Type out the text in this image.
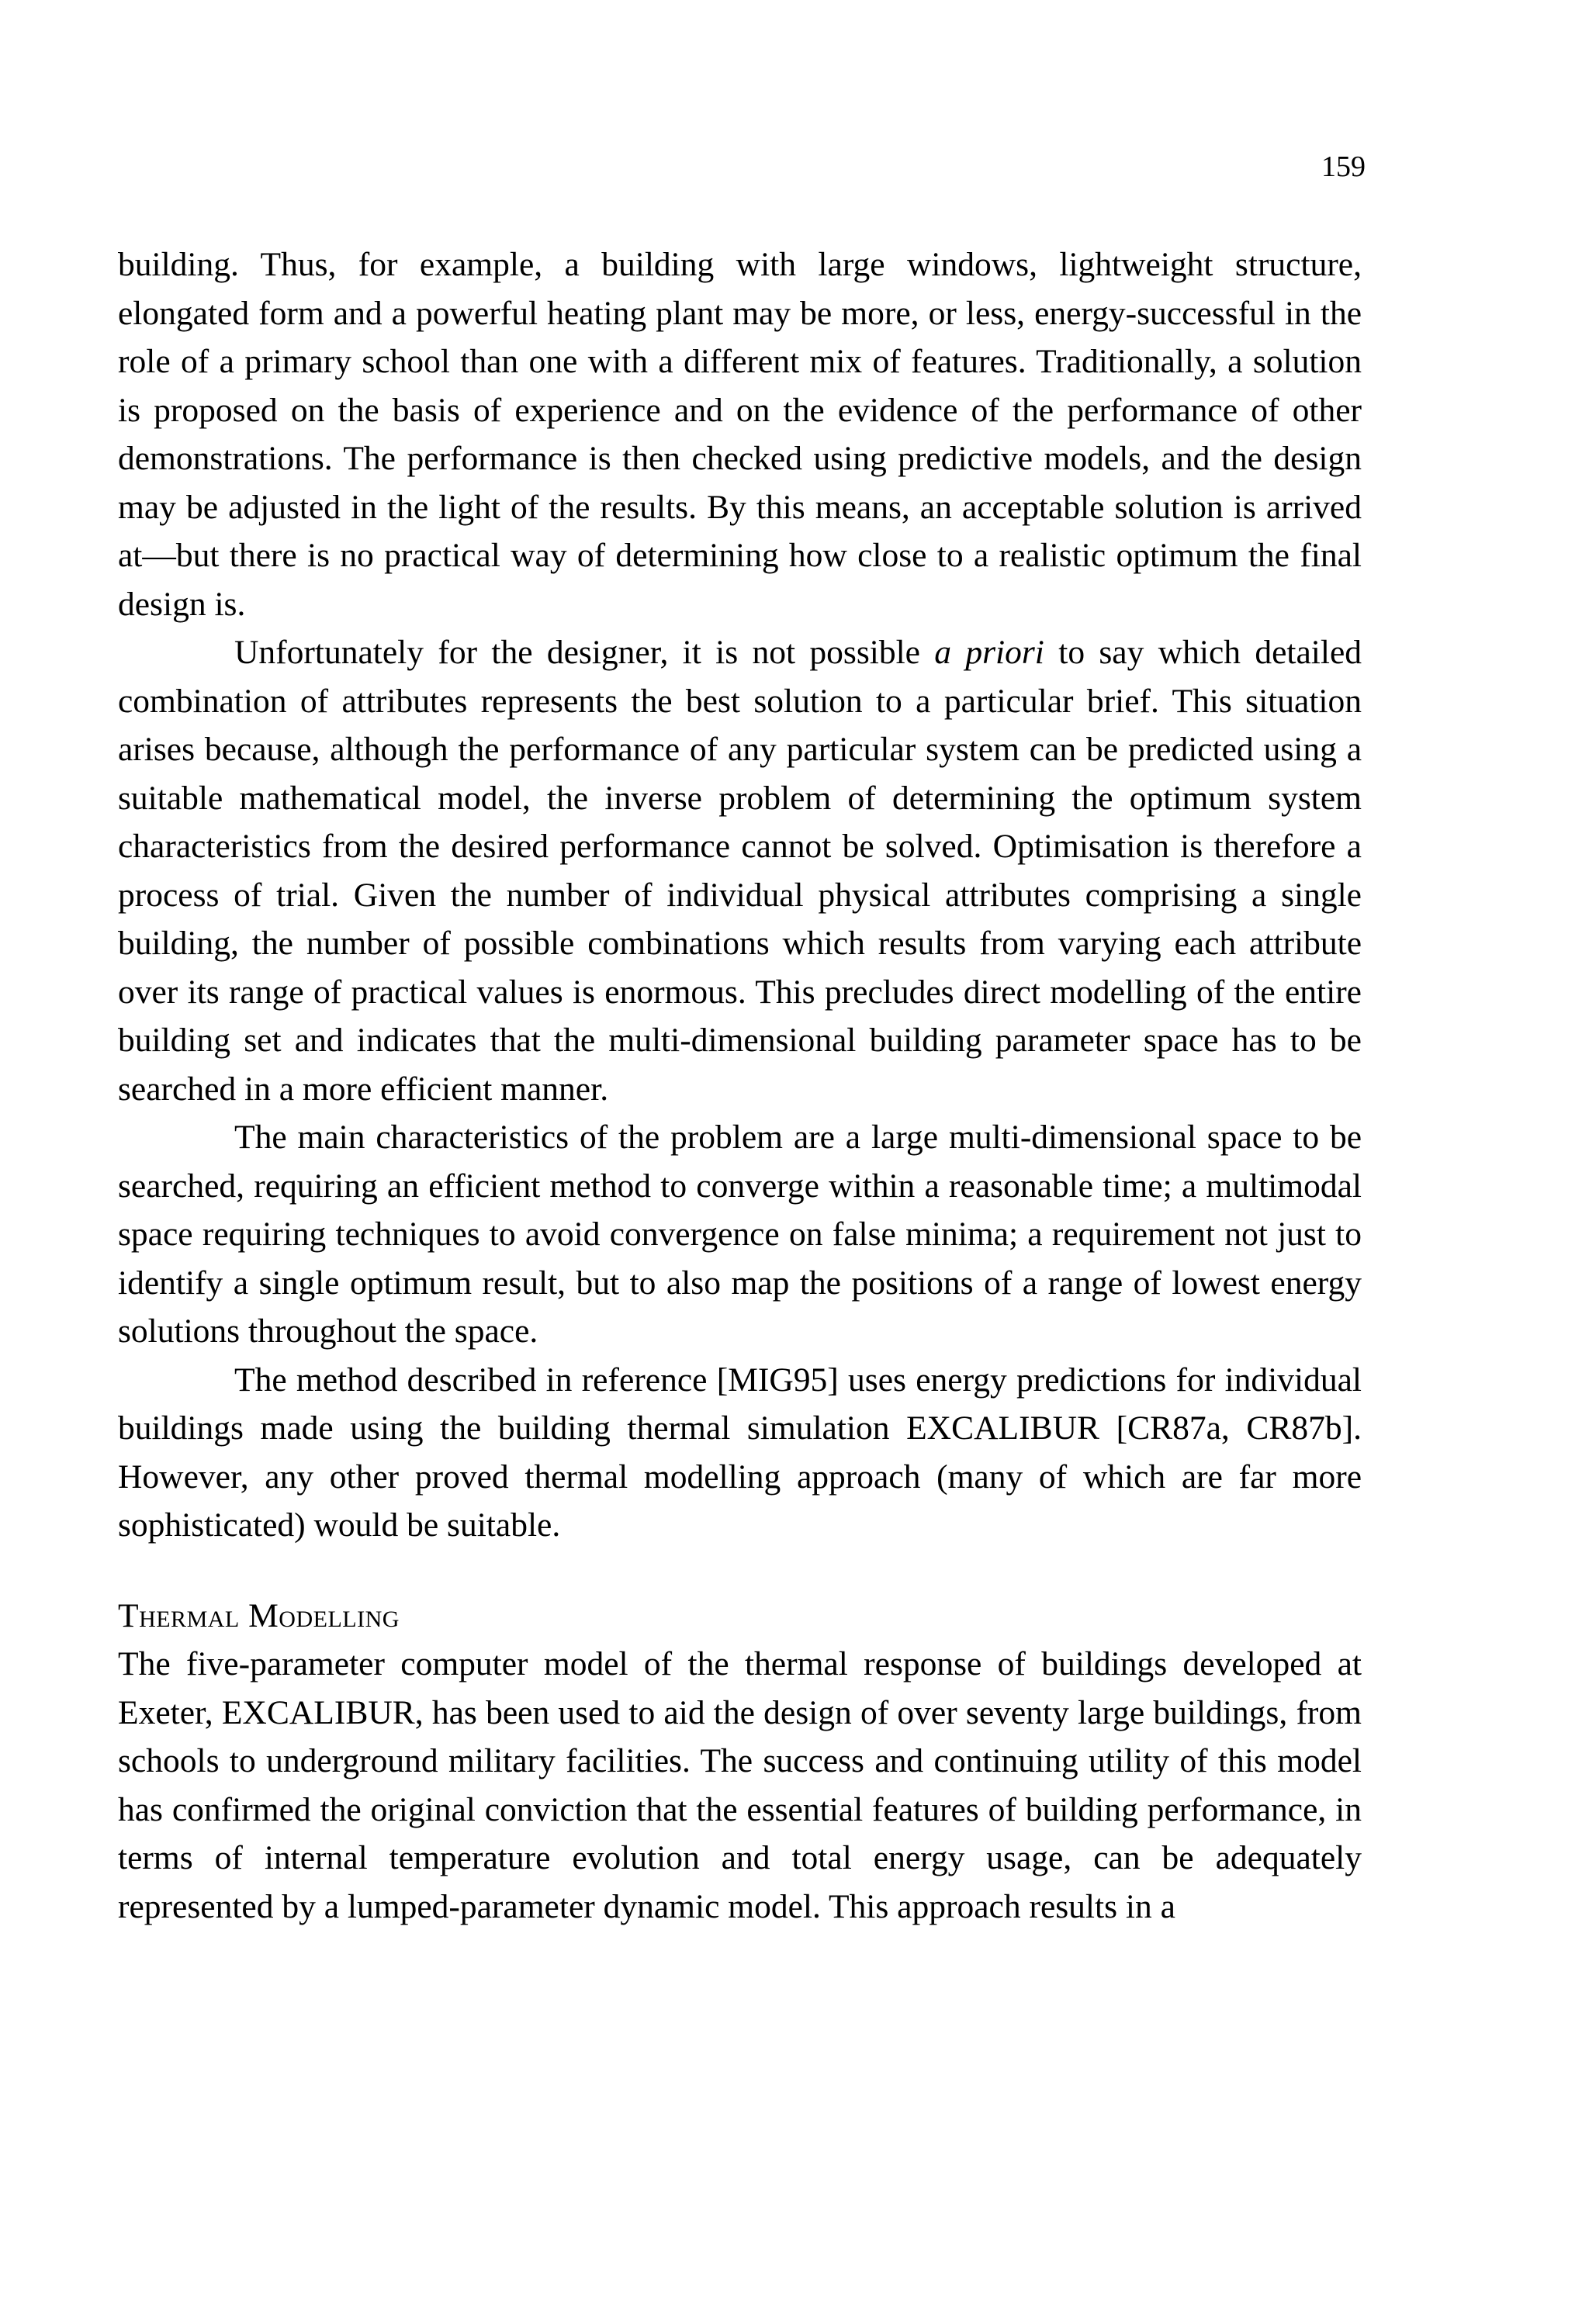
159

building. Thus, for example, a building with large windows, lightweight structure, elongated form and a powerful heating plant may be more, or less, energy-successful in the role of a primary school than one with a different mix of features. Traditionally, a solution is proposed on the basis of experience and on the evidence of the performance of other demonstrations. The performance is then checked using predictive models, and the design may be adjusted in the light of the results. By this means, an acceptable solution is arrived at—but there is no practical way of determining how close to a realistic optimum the final design is.

Unfortunately for the designer, it is not possible a priori to say which detailed combination of attributes represents the best solution to a particular brief. This situation arises because, although the performance of any particular system can be predicted using a suitable mathematical model, the inverse problem of determining the optimum system characteristics from the desired performance cannot be solved. Optimisation is therefore a process of trial. Given the number of individual physical attributes comprising a single building, the number of possible combinations which results from varying each attribute over its range of practical values is enormous. This precludes direct modelling of the entire building set and indicates that the multi-dimensional building parameter space has to be searched in a more efficient manner.

The main characteristics of the problem are a large multi-dimensional space to be searched, requiring an efficient method to converge within a reasonable time; a multimodal space requiring techniques to avoid convergence on false minima; a requirement not just to identify a single optimum result, but to also map the positions of a range of lowest energy solutions throughout the space.

The method described in reference [MIG95] uses energy predictions for individual buildings made using the building thermal simulation EXCALIBUR [CR87a, CR87b]. However, any other proved thermal modelling approach (many of which are far more sophisticated) would be suitable.

Thermal Modelling

The five-parameter computer model of the thermal response of buildings developed at Exeter, EXCALIBUR, has been used to aid the design of over seventy large buildings, from schools to underground military facilities. The success and continuing utility of this model has confirmed the original conviction that the essential features of building performance, in terms of internal temperature evolution and total energy usage, can be adequately represented by a lumped-parameter dynamic model. This approach results in a
